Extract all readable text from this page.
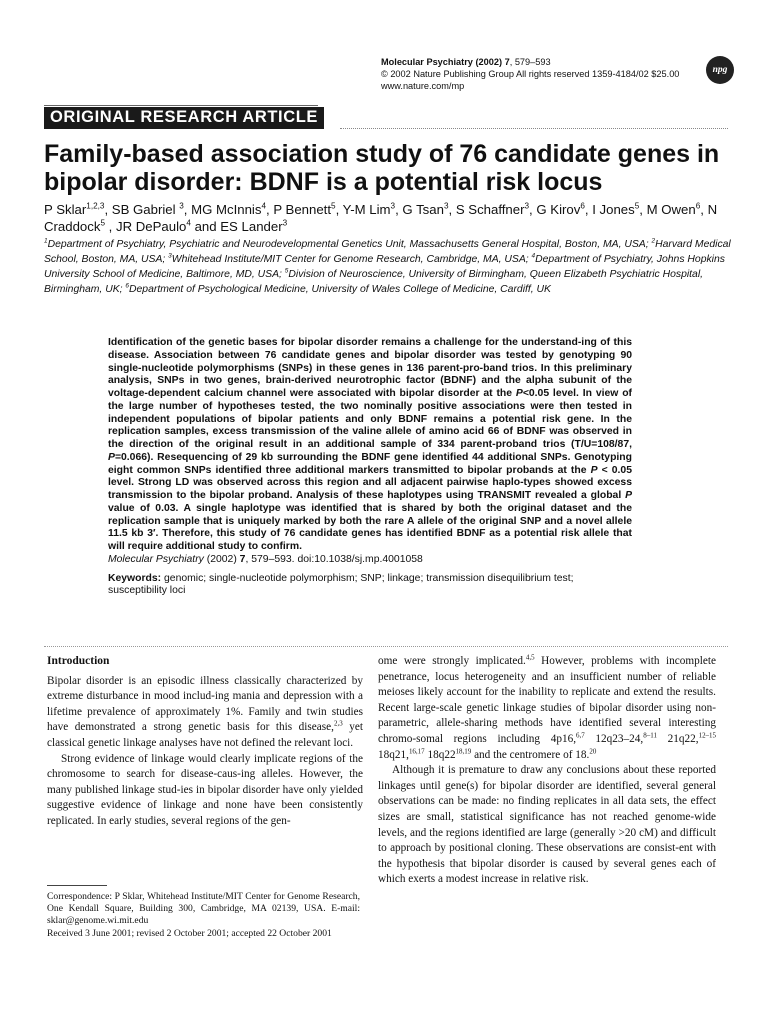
Molecular Psychiatry (2002) 7, 579–593
© 2002 Nature Publishing Group All rights reserved 1359-4184/02 $25.00
www.nature.com/mp
npg
ORIGINAL RESEARCH ARTICLE
Family-based association study of 76 candidate genes in bipolar disorder: BDNF is a potential risk locus
P Sklar$^{1,2,3}$, SB Gabriel $^3$, MG McInnis$^4$, P Bennett$^5$, Y-M Lim$^3$, G Tsan$^3$, S Schaffner$^3$, G Kirov$^6$, I Jones$^5$, M Owen$^6$, N Craddock$^5$ , JR DePaulo$^4$ and ES Lander$^3$
$^1$Department of Psychiatry, Psychiatric and Neurodevelopmental Genetics Unit, Massachusetts General Hospital, Boston, MA, USA; $^2$Harvard Medical School, Boston, MA, USA; $^3$Whitehead Institute/MIT Center for Genome Research, Cambridge, MA, USA; $^4$Department of Psychiatry, Johns Hopkins University School of Medicine, Baltimore, MD, USA; $^5$Division of Neuroscience, University of Birmingham, Queen Elizabeth Psychiatric Hospital, Birmingham, UK; $^6$Department of Psychological Medicine, University of Wales College of Medicine, Cardiff, UK

Identification of the genetic bases for bipolar disorder remains a challenge for the understand-ing of this disease. Association between 76 candidate genes and bipolar disorder was tested by genotyping 90 single-nucleotide polymorphisms (SNPs) in these genes in 136 parent-pro-band trios. In this preliminary analysis, SNPs in two genes, brain-derived neurotrophic factor (BDNF) and the alpha subunit of the voltage-dependent calcium channel were associated with bipolar disorder at the P<0.05 level. In view of the large number of hypotheses tested, the two nominally positive associations were then tested in independent populations of bipolar patients and only BDNF remains a potential risk gene. In the replication samples, excess transmission of the valine allele of amino acid 66 of BDNF was observed in the direction of the original result in an additional sample of 334 parent-proband trios (T/U=108/87, P=0.066). Resequencing of 29 kb surrounding the BDNF gene identified 44 additional SNPs. Genotyping eight common SNPs identified three additional markers transmitted to bipolar probands at the P < 0.05 level. Strong LD was observed across this region and all adjacent pairwise haplo-types showed excess transmission to the bipolar proband. Analysis of these haplotypes using TRANSMIT revealed a global P value of 0.03. A single haplotype was identified that is shared by both the original dataset and the replication sample that is uniquely marked by both the rare A allele of the original SNP and a novel allele 11.5 kb 3′. Therefore, this study of 76 candidate genes has identified BDNF as a potential risk allele that will require additional study to confirm.

Molecular Psychiatry (2002) 7, 579–593. doi:10.1038/sj.mp.4001058

Keywords: genomic; single-nucleotide polymorphism; SNP; linkage; transmission disequilibrium test; susceptibility loci

Introduction

Bipolar disorder is an episodic illness classically characterized by extreme disturbance in mood includ-ing mania and depression with a lifetime prevalence of approximately 1%. Family and twin studies have demonstrated a strong genetic basis for this disease,$^{2,3}$ yet classical genetic linkage analyses have not defined the relevant loci.

Strong evidence of linkage would clearly implicate regions of the chromosome to search for disease-caus-ing alleles. However, the many published linkage stud-ies in bipolar disorder have only yielded suggestive evidence of linkage and none have been consistently replicated. In early studies, several regions of the gen-

ome were strongly implicated.$^{4,5}$ However, problems with incomplete penetrance, locus heterogeneity and an insufficient number of reliable meioses likely account for the inability to replicate and extend the results. Recent large-scale genetic linkage studies of bipolar disorder using non-parametric, allele-sharing methods have identified several interesting chromo-somal regions including 4p16,$^{6,7}$ 12q23–24,$^{8-11}$ 21q22,$^{12-15}$ 18q21,$^{16,17}$ 18q22$^{18,19}$ and the centromere of 18.20

Although it is premature to draw any conclusions about these reported linkages until gene(s) for bipolar disorder are identified, several general observations can be made: no finding replicates in all data sets, the effect sizes are small, statistical significance has not reached genome-wide levels, and the regions identified are large (generally >20 cM) and difficult to approach by positional cloning. These observations are consist-ent with the hypothesis that bipolar disorder is caused by several genes each of which exerts a modest increase in relative risk.

Correspondence: P Sklar, Whitehead Institute/MIT Center for Genome Research, One Kendall Square, Building 300, Cambridge, MA 02139, USA. E-mail: sklar@genome.wi.mit.edu

Received 3 June 2001; revised 2 October 2001; accepted 22 October 2001
